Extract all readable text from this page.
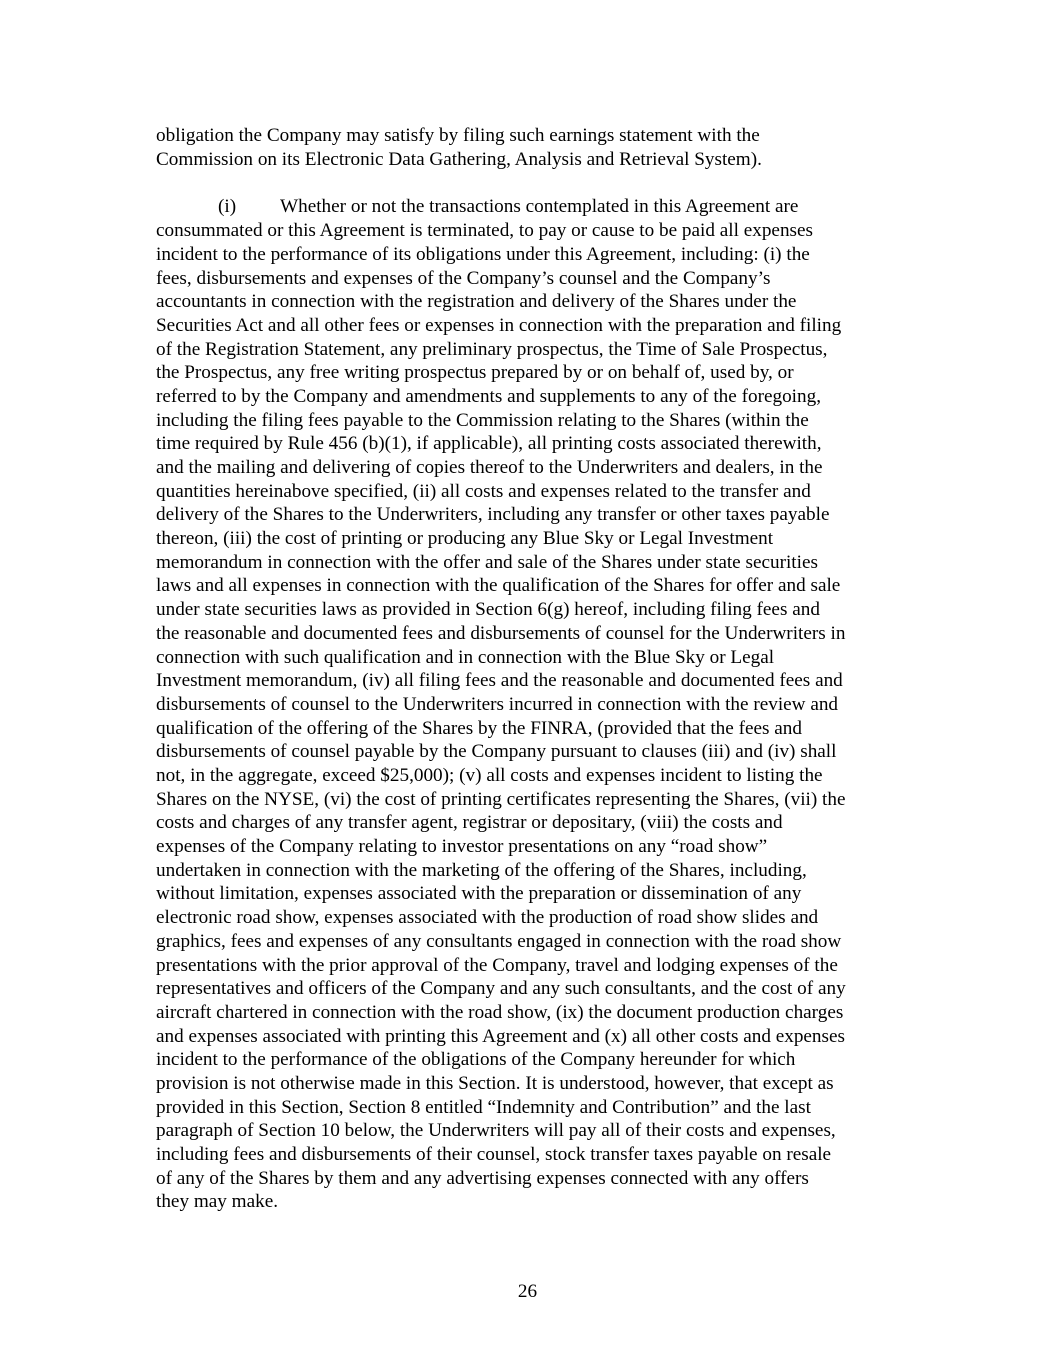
obligation the Company may satisfy by filing such earnings statement with the
Commission on its Electronic Data Gathering, Analysis and Retrieval System).
(i) Whether or not the transactions contemplated in this Agreement are
consummated or this Agreement is terminated, to pay or cause to be paid all expenses
incident to the performance of its obligations under this Agreement, including: (i) the
fees, disbursements and expenses of the Company’s counsel and the Company’s
accountants in connection with the registration and delivery of the Shares under the
Securities Act and all other fees or expenses in connection with the preparation and filing
of the Registration Statement, any preliminary prospectus, the Time of Sale Prospectus,
the Prospectus, any free writing prospectus prepared by or on behalf of, used by, or
referred to by the Company and amendments and supplements to any of the foregoing,
including the filing fees payable to the Commission relating to the Shares (within the
time required by Rule 456 (b)(1), if applicable), all printing costs associated therewith,
and the mailing and delivering of copies thereof to the Underwriters and dealers, in the
quantities hereinabove specified, (ii) all costs and expenses related to the transfer and
delivery of the Shares to the Underwriters, including any transfer or other taxes payable
thereon, (iii) the cost of printing or producing any Blue Sky or Legal Investment
memorandum in connection with the offer and sale of the Shares under state securities
laws and all expenses in connection with the qualification of the Shares for offer and sale
under state securities laws as provided in Section 6(g) hereof, including filing fees and
the reasonable and documented fees and disbursements of counsel for the Underwriters in
connection with such qualification and in connection with the Blue Sky or Legal
Investment memorandum, (iv) all filing fees and the reasonable and documented fees and
disbursements of counsel to the Underwriters incurred in connection with the review and
qualification of the offering of the Shares by the FINRA, (provided that the fees and
disbursements of counsel payable by the Company pursuant to clauses (iii) and (iv) shall
not, in the aggregate, exceed $25,000); (v) all costs and expenses incident to listing the
Shares on the NYSE, (vi) the cost of printing certificates representing the Shares, (vii) the
costs and charges of any transfer agent, registrar or depositary, (viii) the costs and
expenses of the Company relating to investor presentations on any “road show”
undertaken in connection with the marketing of the offering of the Shares, including,
without limitation, expenses associated with the preparation or dissemination of any
electronic road show, expenses associated with the production of road show slides and
graphics, fees and expenses of any consultants engaged in connection with the road show
presentations with the prior approval of the Company, travel and lodging expenses of the
representatives and officers of the Company and any such consultants, and the cost of any
aircraft chartered in connection with the road show, (ix) the document production charges
and expenses associated with printing this Agreement and (x) all other costs and expenses
incident to the performance of the obligations of the Company hereunder for which
provision is not otherwise made in this Section. It is understood, however, that except as
provided in this Section, Section 8 entitled “Indemnity and Contribution” and the last
paragraph of Section 10 below, the Underwriters will pay all of their costs and expenses,
including fees and disbursements of their counsel, stock transfer taxes payable on resale
of any of the Shares by them and any advertising expenses connected with any offers
they may make.
26
